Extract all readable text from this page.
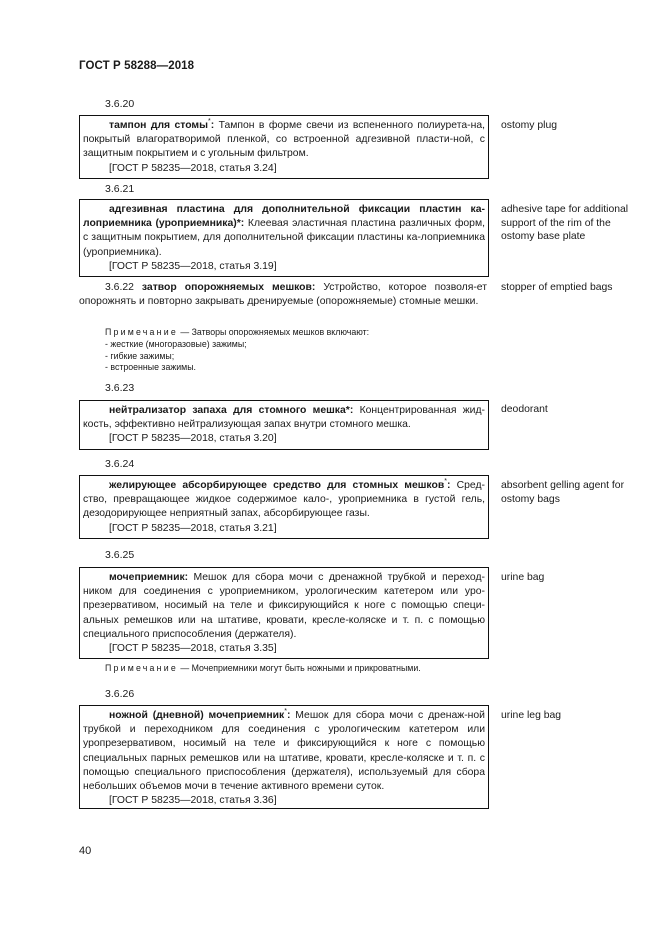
ГОСТ Р 58288—2018
3.6.20

тампон для стомы*: Тампон в форме свечи из вспененного полиурета-на, покрытый влагоратворимой пленкой, со встроенной адгезивной пласти-ной, с защитным покрытием и с угольным фильтром.

[ГОСТ Р 58235—2018, статья 3.24]

ostomy plug
3.6.21

адгезивная пластина для дополнительной фиксации пластин ка-лоприемника (уроприемника)*: Клеевая эластичная пластина различных форм, с защитным покрытием, для дополнительной фиксации пластины ка-лоприемника (уроприемника).

[ГОСТ Р 58235—2018, статья 3.19]

adhesive tape for additional support of the rim of the ostomy base plate

3.6.22 затвор опорожняемых мешков: Устройство, которое позволя-ет опорожнять и повторно закрывать дренируемые (опорожняемые) стомные мешки.

stopper of emptied bags

Примечание — Затворы опорожняемых мешков включают:

- жесткие (многоразовые) зажимы;

- гибкие зажимы;

- встроенные зажимы.

3.6.23

нейтрализатор запаха для стомного мешка*: Концентрированная жид-кость, эффективно нейтрализующая запах внутри стомного мешка.

[ГОСТ Р 58235—2018, статья 3.20]

deodorant
3.6.24

желирующее абсорбирующее средство для стомных мешков*: Сред-ство, превращающее жидкое содержимое кало-, уроприемника в густой гель, дезодорирующее неприятный запах, абсорбирующее газы.

[ГОСТ Р 58235—2018, статья 3.21]

absorbent gelling agent for ostomy bags
3.6.25

мочеприемник: Мешок для сбора мочи с дренажной трубкой и переход-ником для соединения с уроприемником, урологическим катетером или уро-презервативом, носимый на теле и фиксирующийся к ноге с помощью специ-альных ремешков или на штативе, кровати, кресле-коляске и т. п. с помощью специального приспособления (держателя).

[ГОСТ Р 58235—2018, статья 3.35]

urine bag

Примечание — Мочеприемники могут быть ножными и прикроватными.

3.6.26

ножной (дневной) мочеприемник*: Мешок для сбора мочи с дренаж-ной трубкой и переходником для соединения с урологическим катетером или уропрезервативом, носимый на теле и фиксирующийся к ноге с помощью специальных парных ремешков или на штативе, кровати, кресле-коляске и т. п. с помощью специального приспособления (держателя), используемый для сбора небольших объемов мочи в течение активного времени суток.

[ГОСТ Р 58235—2018, статья 3.36]

urine leg bag
40
